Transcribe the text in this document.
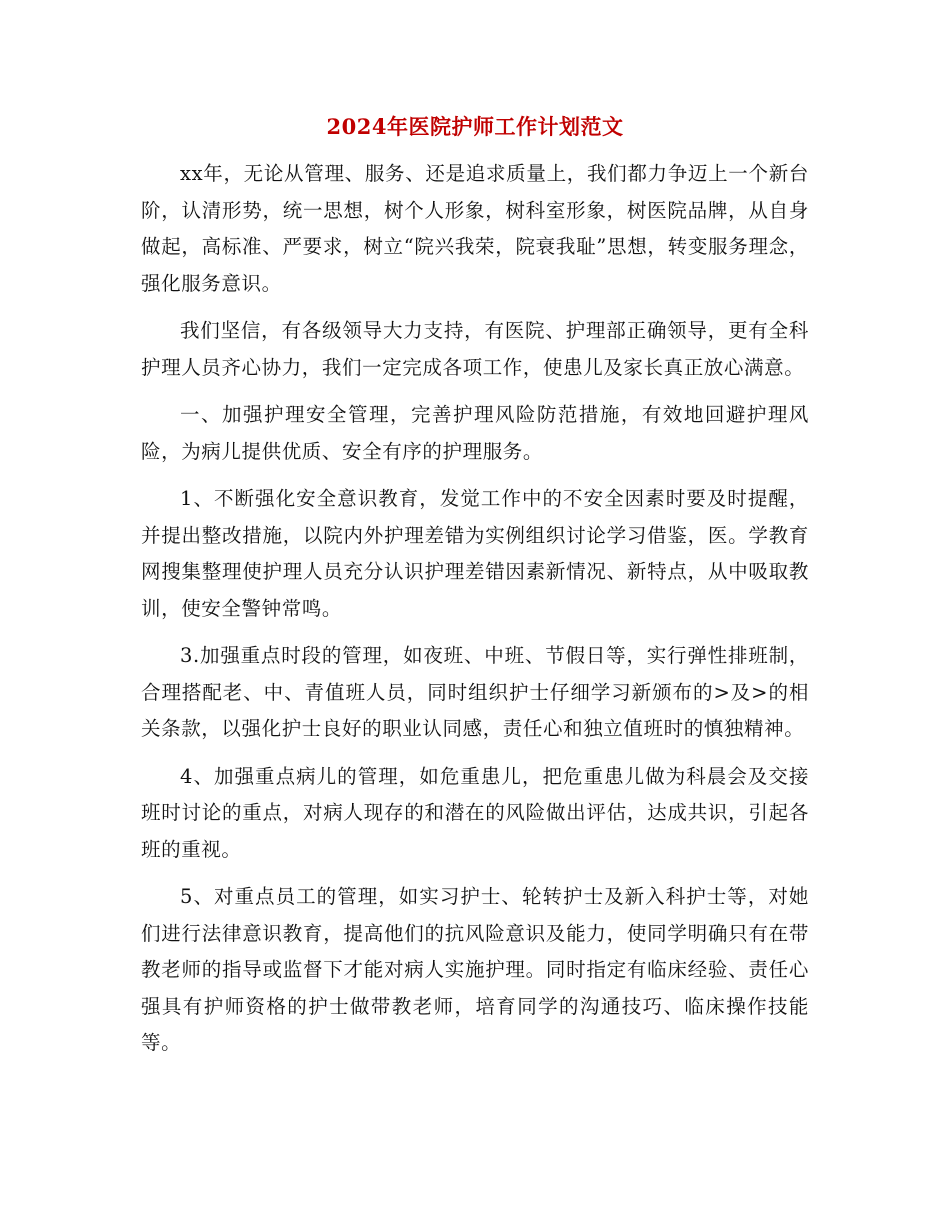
2024年医院护师工作计划范文

xx年，无论从管理、服务、还是追求质量上，我们都力争迈上一个新台阶，认清形势，统一思想，树个人形象，树科室形象，树医院品牌，从自身做起，高标准、严要求，树立“院兴我荣，院衰我耻”思想，转变服务理念，强化服务意识。

我们坚信，有各级领导大力支持，有医院、护理部正确领导，更有全科护理人员齐心协力，我们一定完成各项工作，使患儿及家长真正放心满意。

一、加强护理安全管理，完善护理风险防范措施，有效地回避护理风险，为病儿提供优质、安全有序的护理服务。

1、不断强化安全意识教育，发觉工作中的不安全因素时要及时提醒，并提出整改措施，以院内外护理差错为实例组织讨论学习借鉴，医。学教育网搜集整理使护理人员充分认识护理差错因素新情况、新特点，从中吸取教训，使安全警钟常鸣。

3.加强重点时段的管理，如夜班、中班、节假日等，实行弹性排班制，合理搭配老、中、青值班人员，同时组织护士仔细学习新颁布的>及>的相关条款，以强化护士良好的职业认同感，责任心和独立值班时的慎独精神。

4、加强重点病儿的管理，如危重患儿，把危重患儿做为科晨会及交接班时讨论的重点，对病人现存的和潜在的风险做出评估，达成共识，引起各班的重视。

5、对重点员工的管理，如实习护士、轮转护士及新入科护士等，对她们进行法律意识教育，提高他们的抗风险意识及能力，使同学明确只有在带教老师的指导或监督下才能对病人实施护理。同时指定有临床经验、责任心强具有护师资格的护士做带教老师，培育同学的沟通技巧、临床操作技能等。
